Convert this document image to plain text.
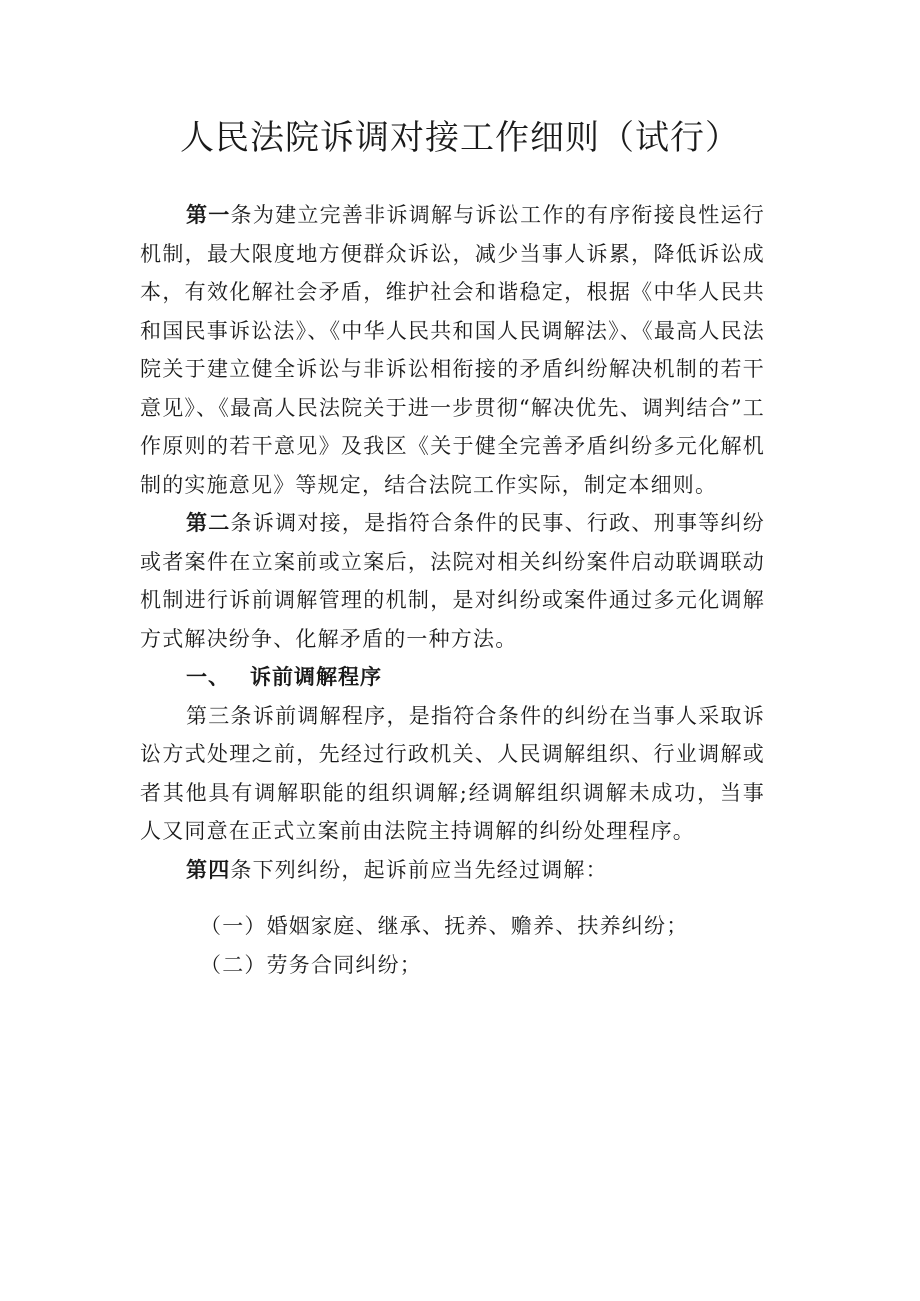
人民法院诉调对接工作细则（试行）

第一条为建立完善非诉调解与诉讼工作的有序衔接良性运行机制，最大限度地方便群众诉讼，减少当事人诉累，降低诉讼成本，有效化解社会矛盾，维护社会和谐稳定，根据《中华人民共和国民事诉讼法》、《中华人民共和国人民调解法》、《最高人民法院关于建立健全诉讼与非诉讼相衔接的矛盾纠纷解决机制的若干意见》、《最高人民法院关于进一步贯彻“解决优先、调判结合”工作原则的若干意见》及我区《关于健全完善矛盾纠纷多元化解机制的实施意见》等规定，结合法院工作实际，制定本细则。

第二条诉调对接，是指符合条件的民事、行政、刑事等纠纷或者案件在立案前或立案后，法院对相关纠纷案件启动联调联动机制进行诉前调解管理的机制，是对纠纷或案件通过多元化调解方式解决纷争、化解矛盾的一种方法。

一、 诉前调解程序

第三条诉前调解程序，是指符合条件的纠纷在当事人采取诉讼方式处理之前，先经过行政机关、人民调解组织、行业调解或者其他具有调解职能的组织调解;经调解组织调解未成功，当事人又同意在正式立案前由法院主持调解的纠纷处理程序。

第四条下列纠纷，起诉前应当先经过调解：

（一）婚姻家庭、继承、抚养、赡养、扶养纠纷；

（二）劳务合同纠纷；
